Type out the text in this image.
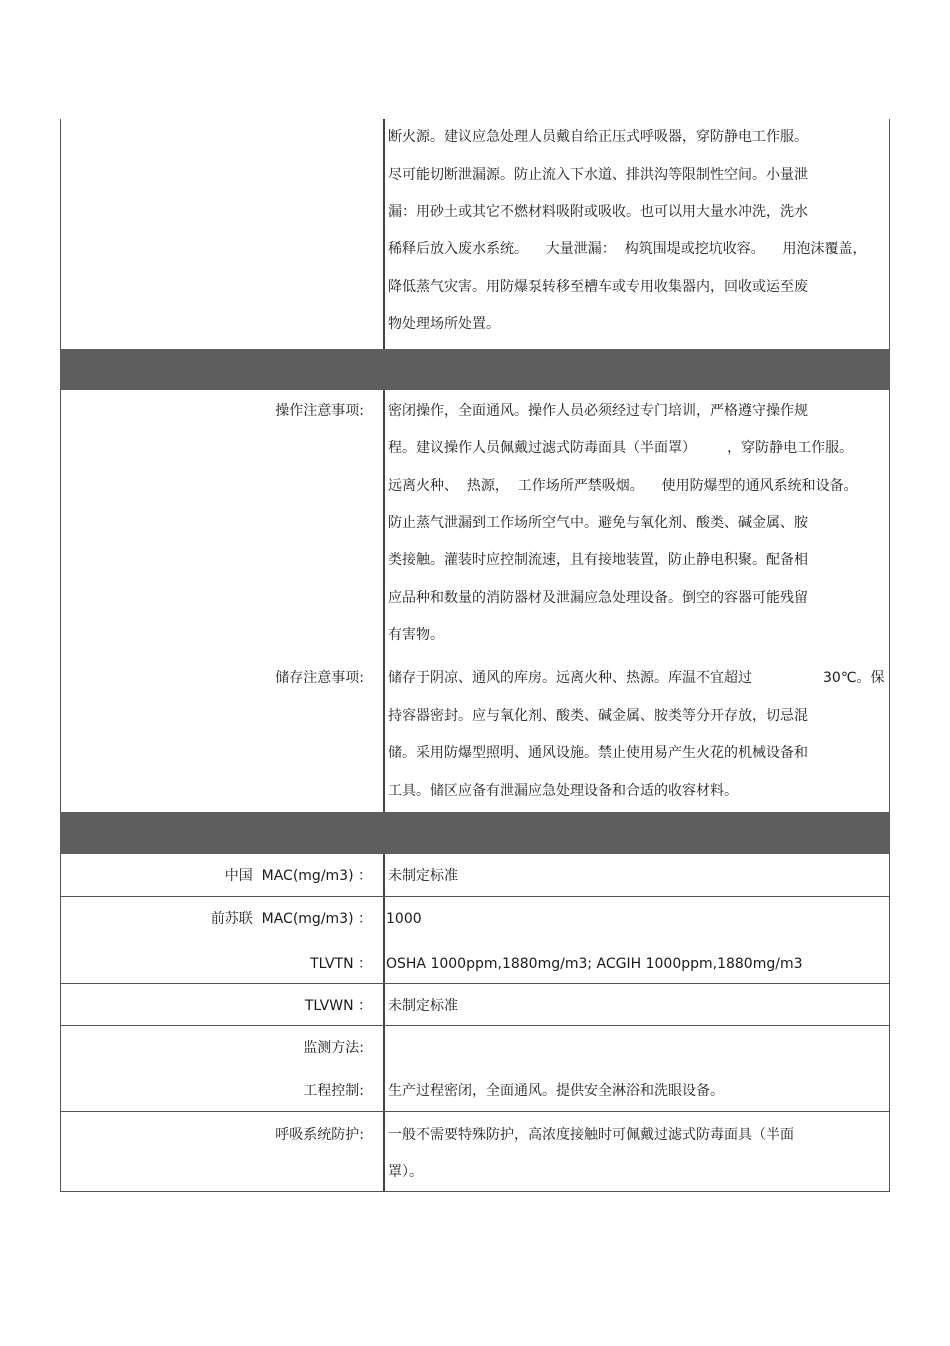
断火源。建议应急处理人员戴自给正压式呼吸器，穿防静电工作服。
尽可能切断泄漏源。防止流入下水道、排洪沟等限制性空间。小量泄
漏：用砂土或其它不燃材料吸附或吸收。也可以用大量水冲洗，洗水
稀释后放入废水系统。    大量泄漏：  构筑围堤或挖坑收容。    用泡沫覆盖，
降低蒸气灾害。用防爆泵转移至槽车或专用收集器内，回收或运至废
物处理场所处置。
操作注意事项: 密闭操作，全面通风。操作人员必须经过专门培训，严格遵守操作规
程。建议操作人员佩戴过滤式防毒面具（半面罩）       ，穿防静电工作服。
远离火种、  热源，  工作场所严禁吸烟。    使用防爆型的通风系统和设备。
防止蒸气泄漏到工作场所空气中。避免与氧化剂、酸类、碱金属、胺
类接触。灌装时应控制流速，且有接地装置，防止静电积聚。配备相
应品种和数量的消防器材及泄漏应急处理设备。倒空的容器可能残留
有害物。
储存注意事项: 储存于阴凉、通风的库房。远离火种、热源。库温不宜超过	30℃。保
持容器密封。应与氧化剂、酸类、碱金属、胺类等分开存放，切忌混
储。采用防爆型照明、通风设施。禁止使用易产生火花的机械设备和
工具。储区应备有泄漏应急处理设备和合适的收容材料。
中国  MAC(mg/m3) ： 未制定标准
前苏联  MAC(mg/m3) ： 1000
TLVTN ： OSHA 1000ppm,1880mg/m3; ACGIH 1000ppm,1880mg/m3
TLVWN ： 未制定标准
监测方法:
工程控制: 生产过程密闭，全面通风。提供安全淋浴和洗眼设备。
呼吸系统防护: 一般不需要特殊防护，高浓度接触时可佩戴过滤式防毒面具（半面
罩）。
